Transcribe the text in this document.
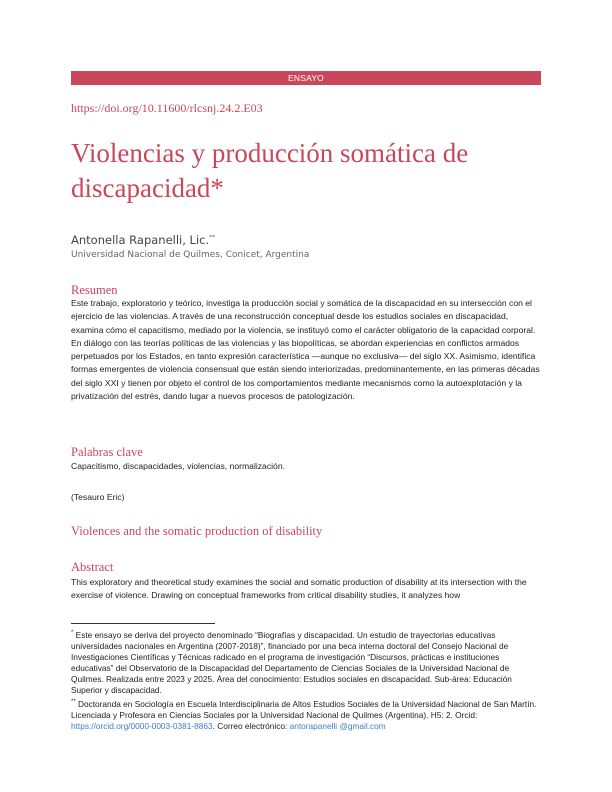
ENSAYO
https://doi.org/10.11600/rlcsnj.24.2.E03
Violencias y producción somática de discapacidad*
Antonella Rapanelli, Lic.**
Universidad Nacional de Quilmes, Conicet, Argentina
Resumen
Este trabajo, exploratorio y teórico, investiga la producción social y somática de la discapacidad en su intersección con el ejercicio de las violencias. A través de una reconstrucción conceptual desde los estudios sociales en discapacidad, examina cómo el capacitismo, mediado por la violencia, se instituyó como el carácter obligatorio de la capacidad corporal. En diálogo con las teorías políticas de las violencias y las biopolíticas, se abordan experiencias en conflictos armados perpetuados por los Estados, en tanto expresión característica —aunque no exclusiva— del siglo XX. Asimismo, identifica formas emergentes de violencia consensual que están siendo interiorizadas, predominantemente, en las primeras décadas del siglo XXI y tienen por objeto el control de los comportamientos mediante mecanismos como la autoexplotación y la privatización del estrés, dando lugar a nuevos procesos de patologización.
Palabras clave
Capacitismo, discapacidades, violencias, normalización.
(Tesauro Eric)
Violences and the somatic production of disability
Abstract
This exploratory and theoretical study examines the social and somatic production of disability at its intersection with the exercise of violence. Drawing on conceptual frameworks from critical disability studies, it analyzes how
* Este ensayo se deriva del proyecto denominado “Biografías y discapacidad. Un estudio de trayectorias educativas universidades nacionales en Argentina (2007-2018)”, financiado por una beca interna doctoral del Consejo Nacional de Investigaciones Científicas y Técnicas radicado en el programa de investigación “Discursos, prácticas e instituciones educativas” del Observatorio de la Discapacidad del Departamento de Ciencias Sociales de la Universidad Nacional de Quilmes. Realizada entre 2023 y 2025. Área del conocimiento: Estudios sociales en discapacidad. Sub-área: Educación Superior y discapacidad.
** Doctoranda en Sociología en Escuela Interdisciplinaria de Altos Estudios Sociales de la Universidad Nacional de San Martín. Licenciada y Profesora en Ciencias Sociales por la Universidad Nacional de Quilmes (Argentina). H5: 2. Orcid: https://orcid.org/0000-0003-0381-8863. Correo electrónico: antorapanelli @gmail.com
